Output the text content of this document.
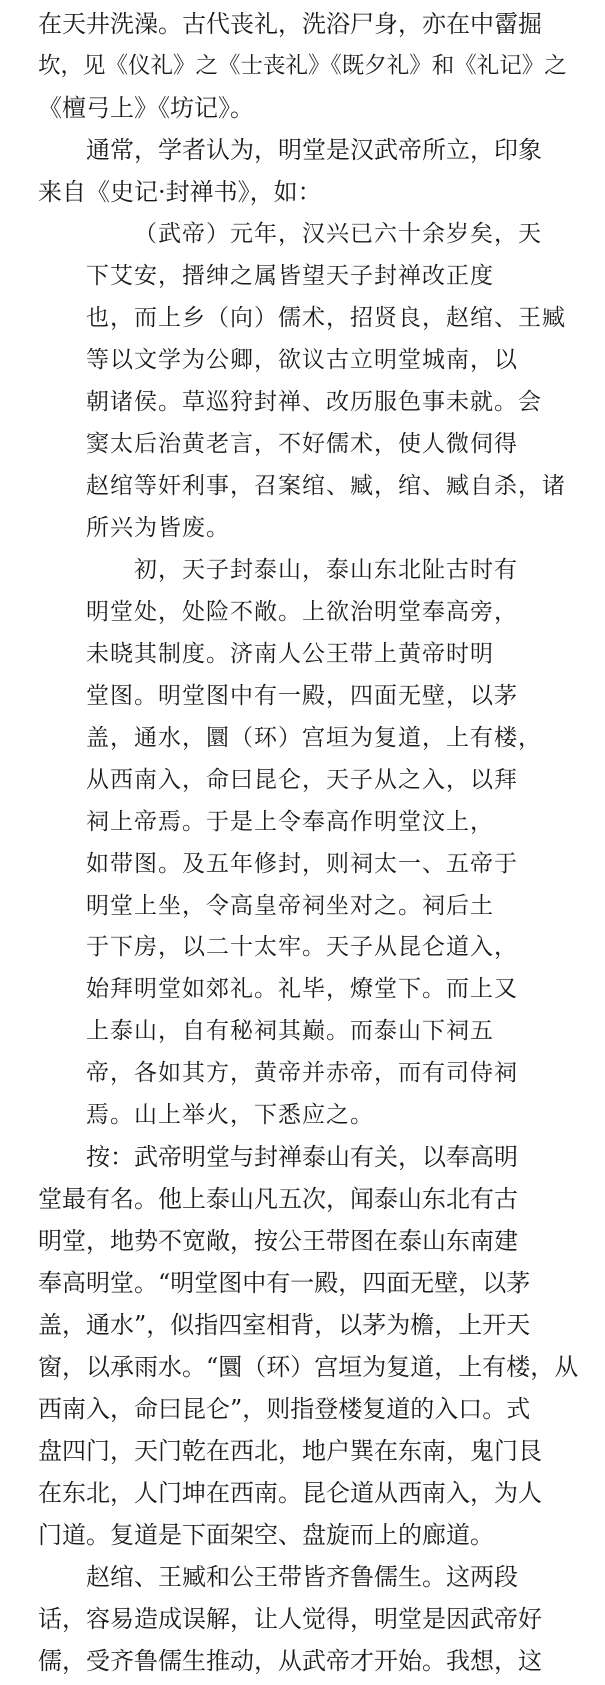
在天井洗澡。古代丧礼，洗浴尸身，亦在中霤掘
坎，见《仪礼》之《士丧礼》《既夕礼》和《礼记》之
《檀弓上》《坊记》。
通常，学者认为，明堂是汉武帝所立，印象
来自《史记·封禅书》，如：
（武帝）元年，汉兴已六十余岁矣，天
下艾安，搢绅之属皆望天子封禅改正度
也，而上乡（向）儒术，招贤良，赵绾、王臧
等以文学为公卿，欲议古立明堂城南，以
朝诸侯。草巡狩封禅、改历服色事未就。会
窦太后治黄老言，不好儒术，使人微伺得
赵绾等奸利事，召案绾、臧，绾、臧自杀，诸
所兴为皆废。
初，天子封泰山，泰山东北阯古时有
明堂处，处险不敞。上欲治明堂奉高旁，
未晓其制度。济南人公王带上黄帝时明
堂图。明堂图中有一殿，四面无壁，以茅
盖，通水，圜（环）宫垣为复道，上有楼，
从西南入，命曰昆仑，天子从之入，以拜
祠上帝焉。于是上令奉高作明堂汶上，
如带图。及五年修封，则祠太一、五帝于
明堂上坐，令高皇帝祠坐对之。祠后土
于下房，以二十太牢。天子从昆仑道入，
始拜明堂如郊礼。礼毕，燎堂下。而上又
上泰山，自有秘祠其巅。而泰山下祠五
帝，各如其方，黄帝并赤帝，而有司侍祠
焉。山上举火，下悉应之。
按：武帝明堂与封禅泰山有关，以奉高明
堂最有名。他上泰山凡五次，闻泰山东北有古
明堂，地势不宽敞，按公王带图在泰山东南建
奉高明堂。“明堂图中有一殿，四面无壁，以茅
盖，通水”，似指四室相背，以茅为檐，上开天
窗，以承雨水。“圜（环）宫垣为复道，上有楼，从
西南入，命曰昆仑”，则指登楼复道的入口。式
盘四门，天门乾在西北，地户巽在东南，鬼门艮
在东北，人门坤在西南。昆仑道从西南入，为人
门道。复道是下面架空、盘旋而上的廊道。
赵绾、王臧和公王带皆齐鲁儒生。这两段
话，容易造成误解，让人觉得，明堂是因武帝好
儒，受齐鲁儒生推动，从武帝才开始。我想，这
